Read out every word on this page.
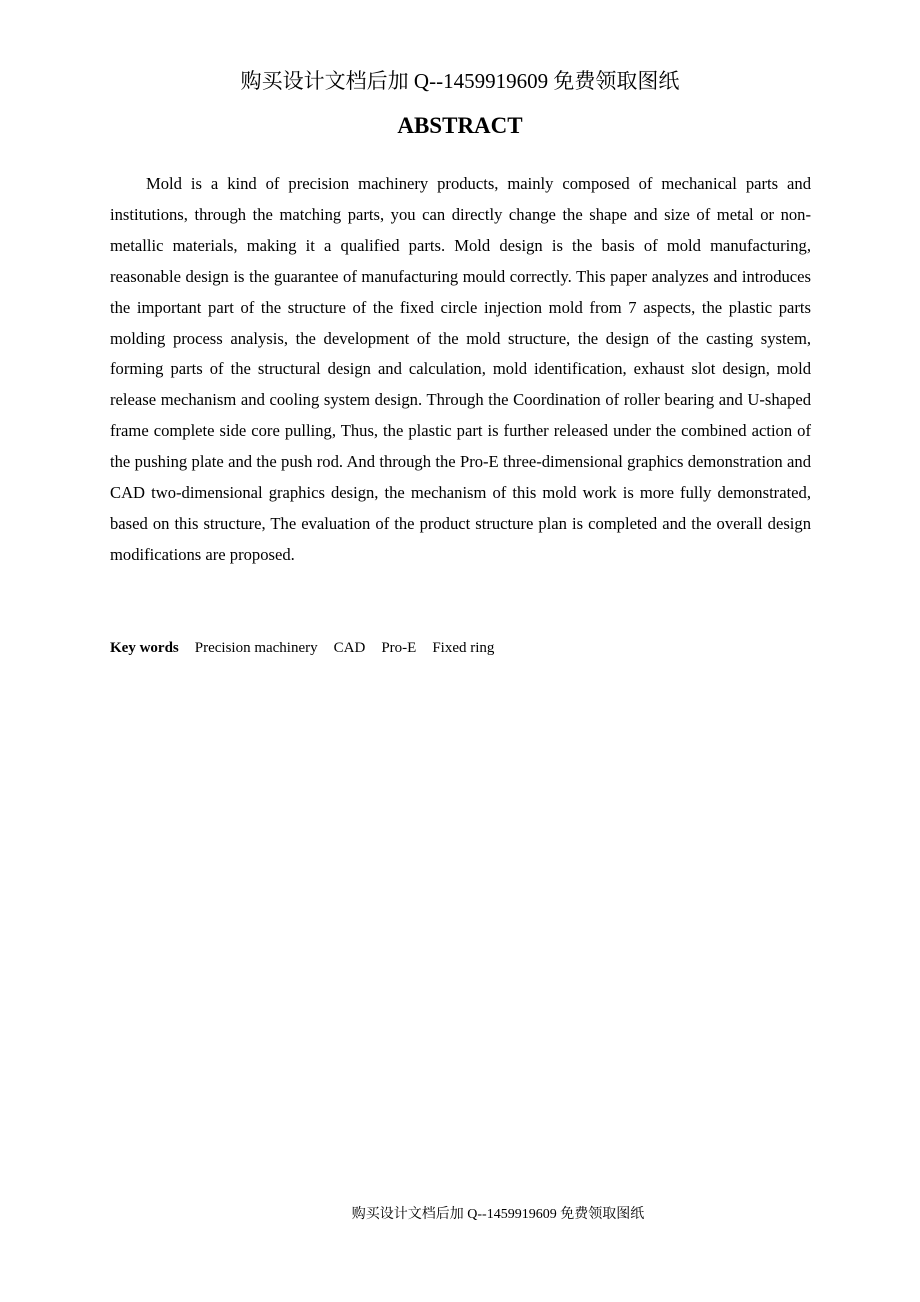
购买设计文档后加 Q--1459919609 免费领取图纸
ABSTRACT

Mold is a kind of precision machinery products, mainly composed of mechanical parts and institutions, through the matching parts, you can directly change the shape and size of metal or non-metallic materials, making it a qualified parts. Mold design is the basis of mold manufacturing, reasonable design is the guarantee of manufacturing mould correctly. This paper analyzes and introduces the important part of the structure of the fixed circle injection mold from 7 aspects, the plastic parts molding process analysis, the development of the mold structure, the design of the casting system, forming parts of the structural design and calculation, mold identification, exhaust slot design, mold release mechanism and cooling system design. Through the Coordination of roller bearing and U-shaped frame complete side core pulling, Thus, the plastic part is further released under the combined action of the pushing plate and the push rod. And through the Pro-E three-dimensional graphics demonstration and CAD two-dimensional graphics design, the mechanism of this mold work is more fully demonstrated, based on this structure, The evaluation of the product structure plan is completed and the overall design modifications are proposed.

Key words Precision machinery CAD Pro-E Fixed ring
购买设计文档后加 Q--1459919609 免费领取图纸
